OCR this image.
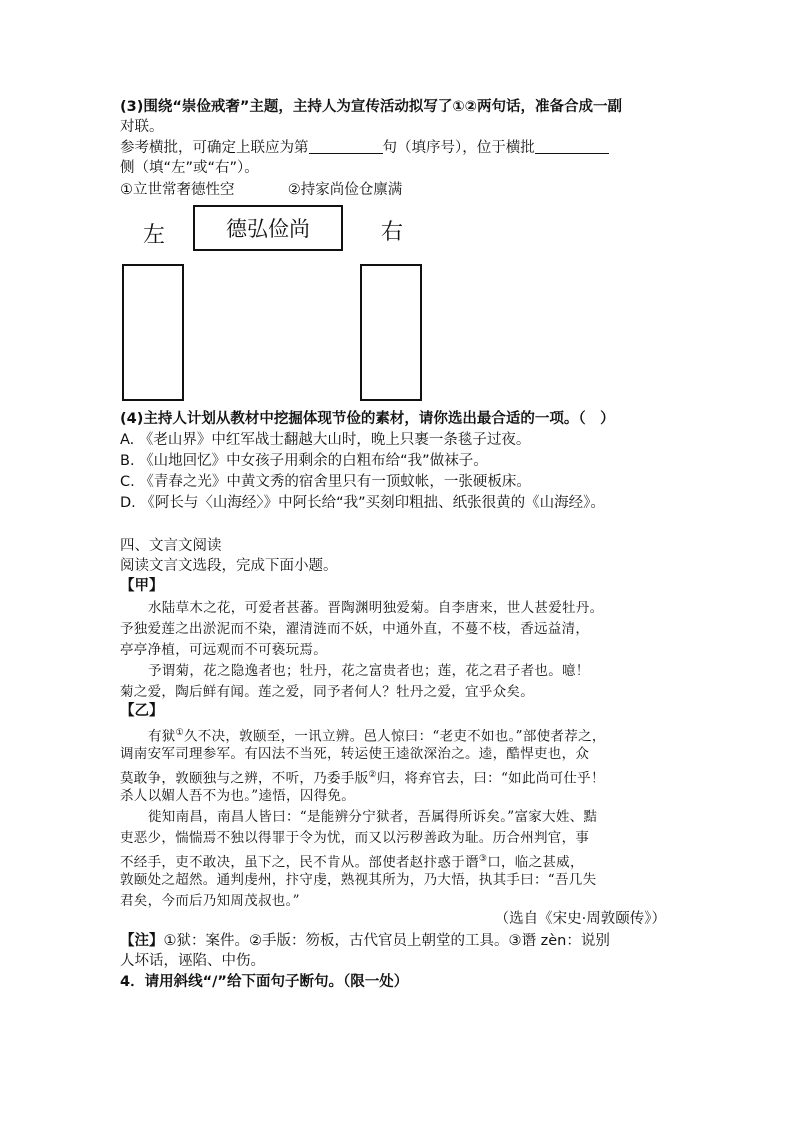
(3)围绕“崇俭戒奢”主题，主持人为宣传活动拟写了①②两句话，准备合成一副
对联。
参考横批，可确定上联应为第	句（填序号），位于横批
侧（填“左”或“右”）。
①立世常奢德性空	②持家尚俭仓廪满
左	德弘俭尚	右
(4)主持人计划从教材中挖掘体现节俭的素材，请你选出最合适的一项。（　）
A. 《老山界》中红军战士翻越大山时，晚上只裹一条毯子过夜。
B. 《山地回忆》中女孩子用剩余的白粗布给“我”做袜子。
C. 《青春之光》中黄文秀的宿舍里只有一顶蚊帐，一张硬板床。
D. 《阿长与〈山海经〉》中阿长给“我”买刻印粗拙、纸张很黄的《山海经》。
四、文言文阅读
阅读文言文选段，完成下面小题。
【甲】
水陆草木之花，可爱者甚蕃。晋陶渊明独爱菊。自李唐来，世人甚爱牡丹。
予独爱莲之出淤泥而不染，濯清涟而不妖，中通外直，不蔓不枝，香远益清，
亭亭净植，可远观而不可亵玩焉。
予谓菊，花之隐逸者也；牡丹，花之富贵者也；莲，花之君子者也。噫！
菊之爱，陶后鲜有闻。莲之爱，同予者何人？牡丹之爱，宜乎众矣。
【乙】
有狱①久不决，敦颐至，一讯立辨。邑人惊曰：“老吏不如也。”部使者荐之，
调南安军司理参军。有囚法不当死，转运使王逵欲深治之。逵，酷悍吏也，众
莫敢争，敦颐独与之辨，不听，乃委手版②归，将弃官去，曰：“如此尚可仕乎！
杀人以媚人吾不为也。”逵悟，囚得免。
徙知南昌，南昌人皆曰：“是能辨分宁狱者，吾属得所诉矣。”富家大姓、黠
吏恶少，惴惴焉不独以得罪于令为忧，而又以污秽善政为耻。历合州判官，事
不经手，吏不敢决，虽下之，民不肯从。部使者赵抃惑于谮③口，临之甚威，
敦颐处之超然。通判虔州，抃守虔，熟视其所为，乃大悟，执其手曰：“吾几失
君矣，今而后乃知周茂叔也。”
（选自《宋史·周敦颐传》）
【注】①狱：案件。②手版：笏板，古代官员上朝堂的工具。③谮 zèn：说别
人坏话，诬陷、中伤。
4．请用斜线“/”给下面句子断句。（限一处）
